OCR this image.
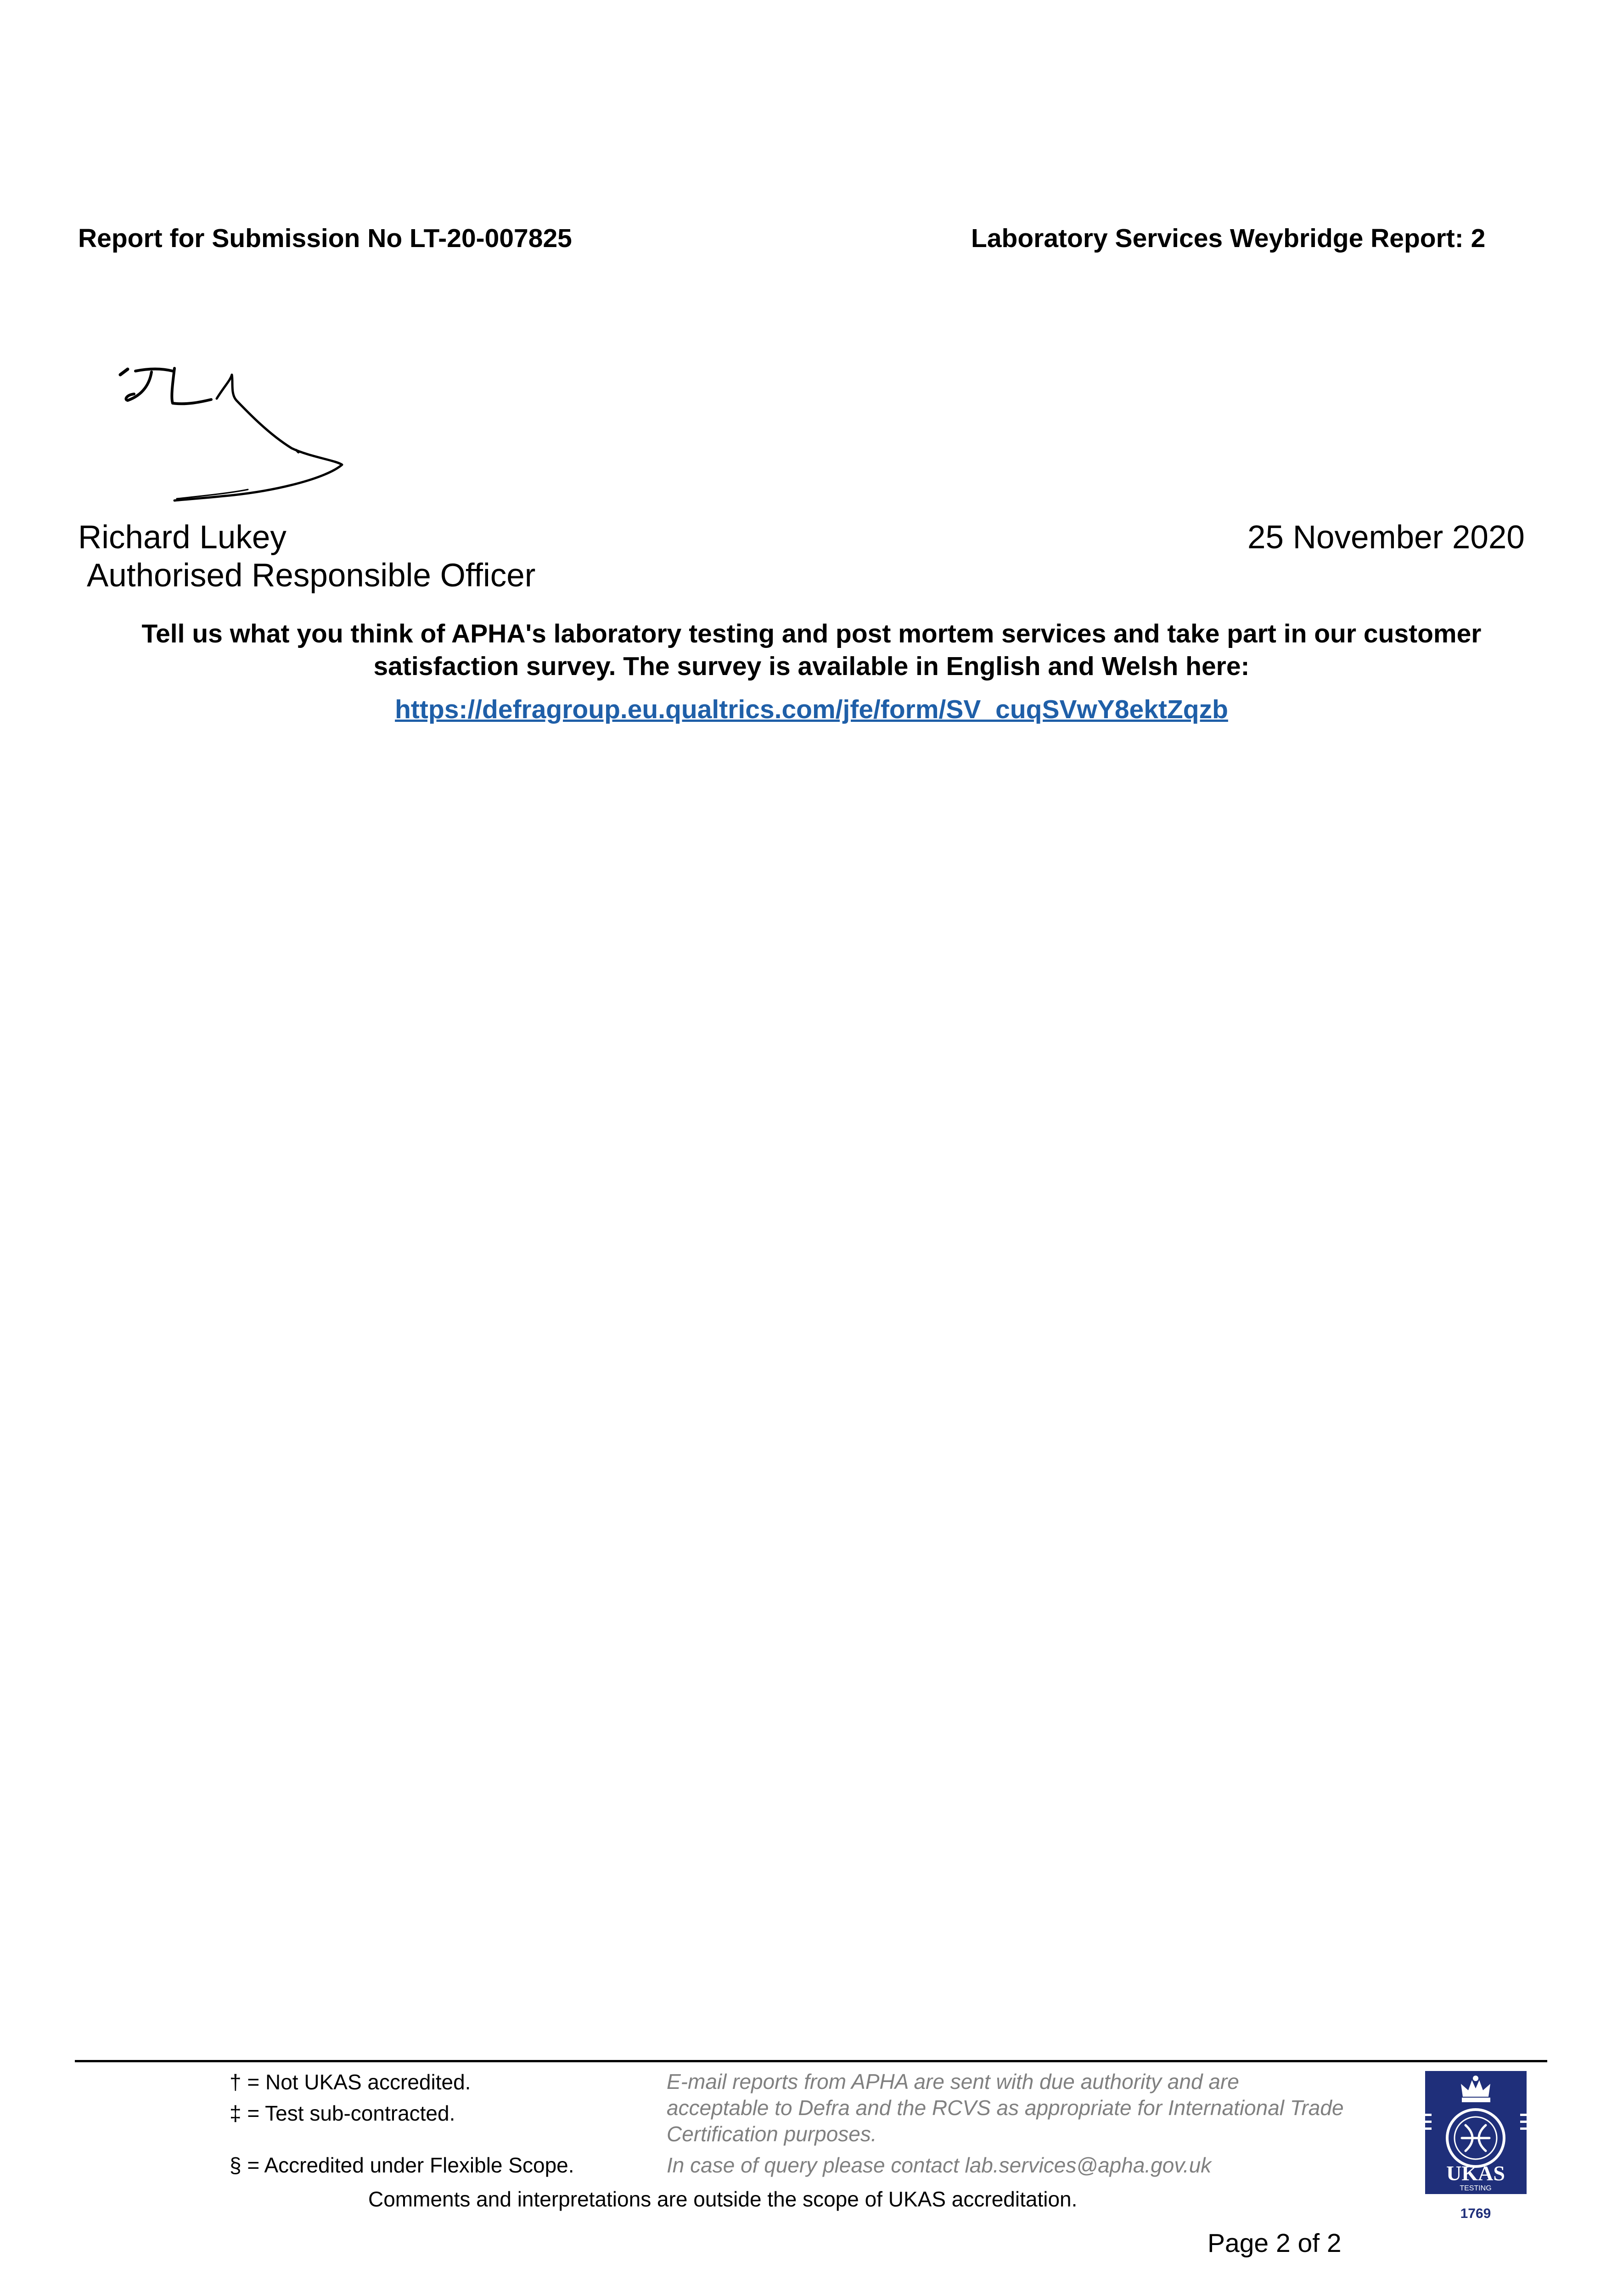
Report for Submission No LT-20-007825	Laboratory Services Weybridge Report: 2
Richard Lukey
Authorised Responsible Officer
25 November 2020
Tell us what you think of APHA's laboratory testing and post mortem services and take part in our customer satisfaction survey. The survey is available in English and Welsh here:
https://defragroup.eu.qualtrics.com/jfe/form/SV_cuqSVwY8ektZqzb
† = Not UKAS accredited.
‡ = Test sub-contracted.
§ = Accredited under Flexible Scope.
E-mail reports from APHA are sent with due authority and are acceptable to Defra and the RCVS as appropriate for International Trade Certification purposes.
In case of query please contact lab.services@apha.gov.uk
Comments and interpretations are outside the scope of UKAS accreditation.
Page 2 of 2
UKAS
TESTING
1769
